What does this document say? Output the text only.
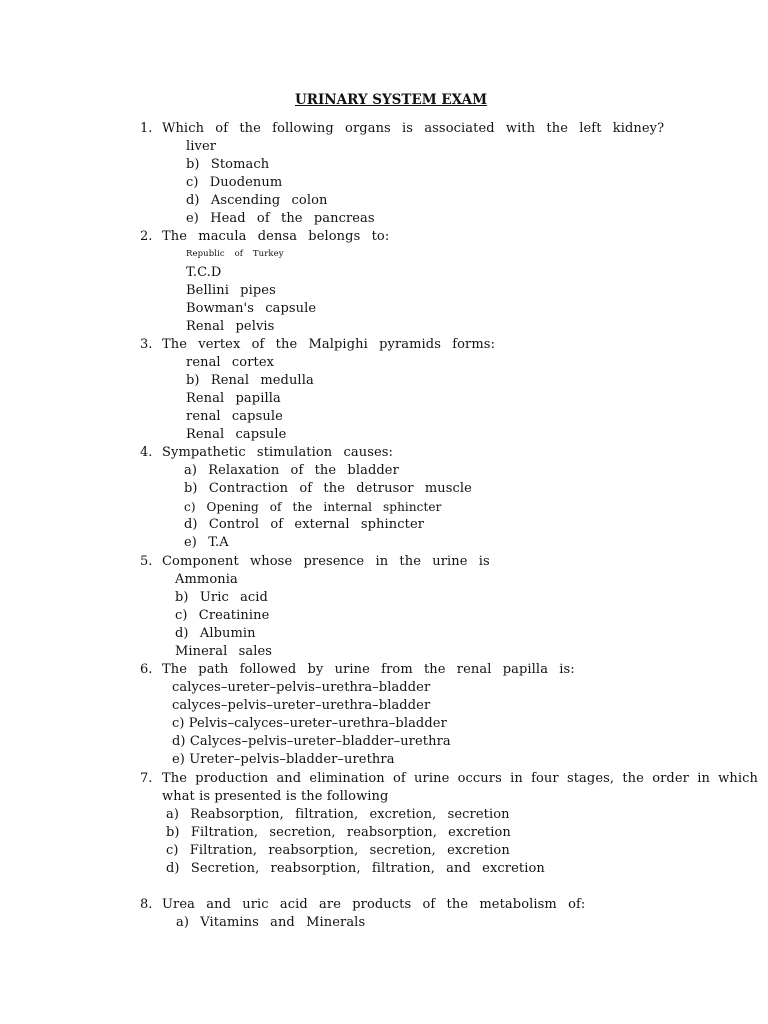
URINARY SYSTEM EXAM
1. Which of the following organs is associated with the left kidney?
liver
b) Stomach
c) Duodenum
d) Ascending colon
e) Head of the pancreas
2. The macula densa belongs to:
Republic of Turkey
T.C.D
Bellini pipes
Bowman's capsule
Renal pelvis
3. The vertex of the Malpighi pyramids forms:
renal cortex
b) Renal medulla
Renal papilla
renal capsule
Renal capsule
4. Sympathetic stimulation causes:
a) Relaxation of the bladder
b) Contraction of the detrusor muscle
c) Opening of the internal sphincter
d) Control of external sphincter
e) T.A
5. Component whose presence in the urine is
Ammonia
b) Uric acid
c) Creatinine
d) Albumin
Mineral sales
6. The path followed by urine from the renal papilla is:
calyces–ureter–pelvis–urethra–bladder
calyces–pelvis–ureter–urethra–bladder
c) Pelvis–calyces–ureter–urethra–bladder
d) Calyces–pelvis–ureter–bladder–urethra
e) Ureter–pelvis–bladder–urethra
7. The production and elimination of urine occurs in four stages, the order in which
what is presented is the following
a) Reabsorption, filtration, excretion, secretion
b) Filtration, secretion, reabsorption, excretion
c) Filtration, reabsorption, secretion, excretion
d) Secretion, reabsorption, filtration, and excretion
8. Urea and uric acid are products of the metabolism of:
a) Vitamins and Minerals
